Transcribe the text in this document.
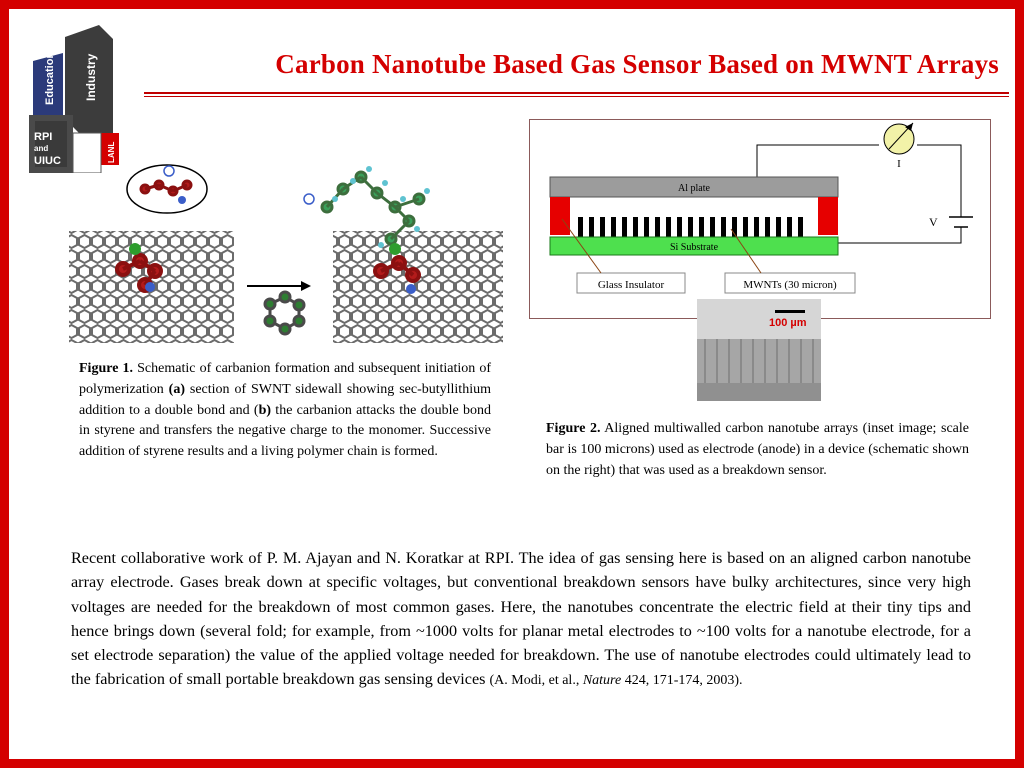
Education Industry
RPI
and
UIUC	LANL
Carbon Nanotube Based Gas Sensor Based on MWNT Arrays
Figure 1. Schematic of carbanion formation and subsequent initiation of polymerization (a) section of SWNT sidewall showing sec-butyllithium addition to a double bond and (b) the carbanion attacks the double bond in styrene and transfers the negative charge to the monomer. Successive addition of styrene results and a living polymer chain is formed.
I
V
Al plate
Si Substrate
Glass Insulator	MWNTs (30 micron)
100 µm
Figure 2. Aligned multiwalled carbon nanotube arrays (inset image; scale bar is 100 microns) used as electrode (anode) in a device (schematic shown on the right) that was used as a breakdown sensor.
Recent collaborative work of P. M. Ajayan and N. Koratkar at RPI. The idea of gas sensing here is based on an aligned carbon nanotube array electrode. Gases break down at specific voltages, but conventional breakdown sensors have bulky architectures, since very high voltages are needed for the breakdown of most common gases. Here, the nanotubes concentrate the electric field at their tiny tips and hence brings down (several fold; for example, from ~1000 volts for planar metal electrodes to ~100 volts for a nanotube electrode, for a set electrode separation) the value of the applied voltage needed for breakdown. The use of nanotube electrodes could ultimately lead to the fabrication of small portable breakdown gas sensing devices (A. Modi, et al., Nature 424, 171-174, 2003).
